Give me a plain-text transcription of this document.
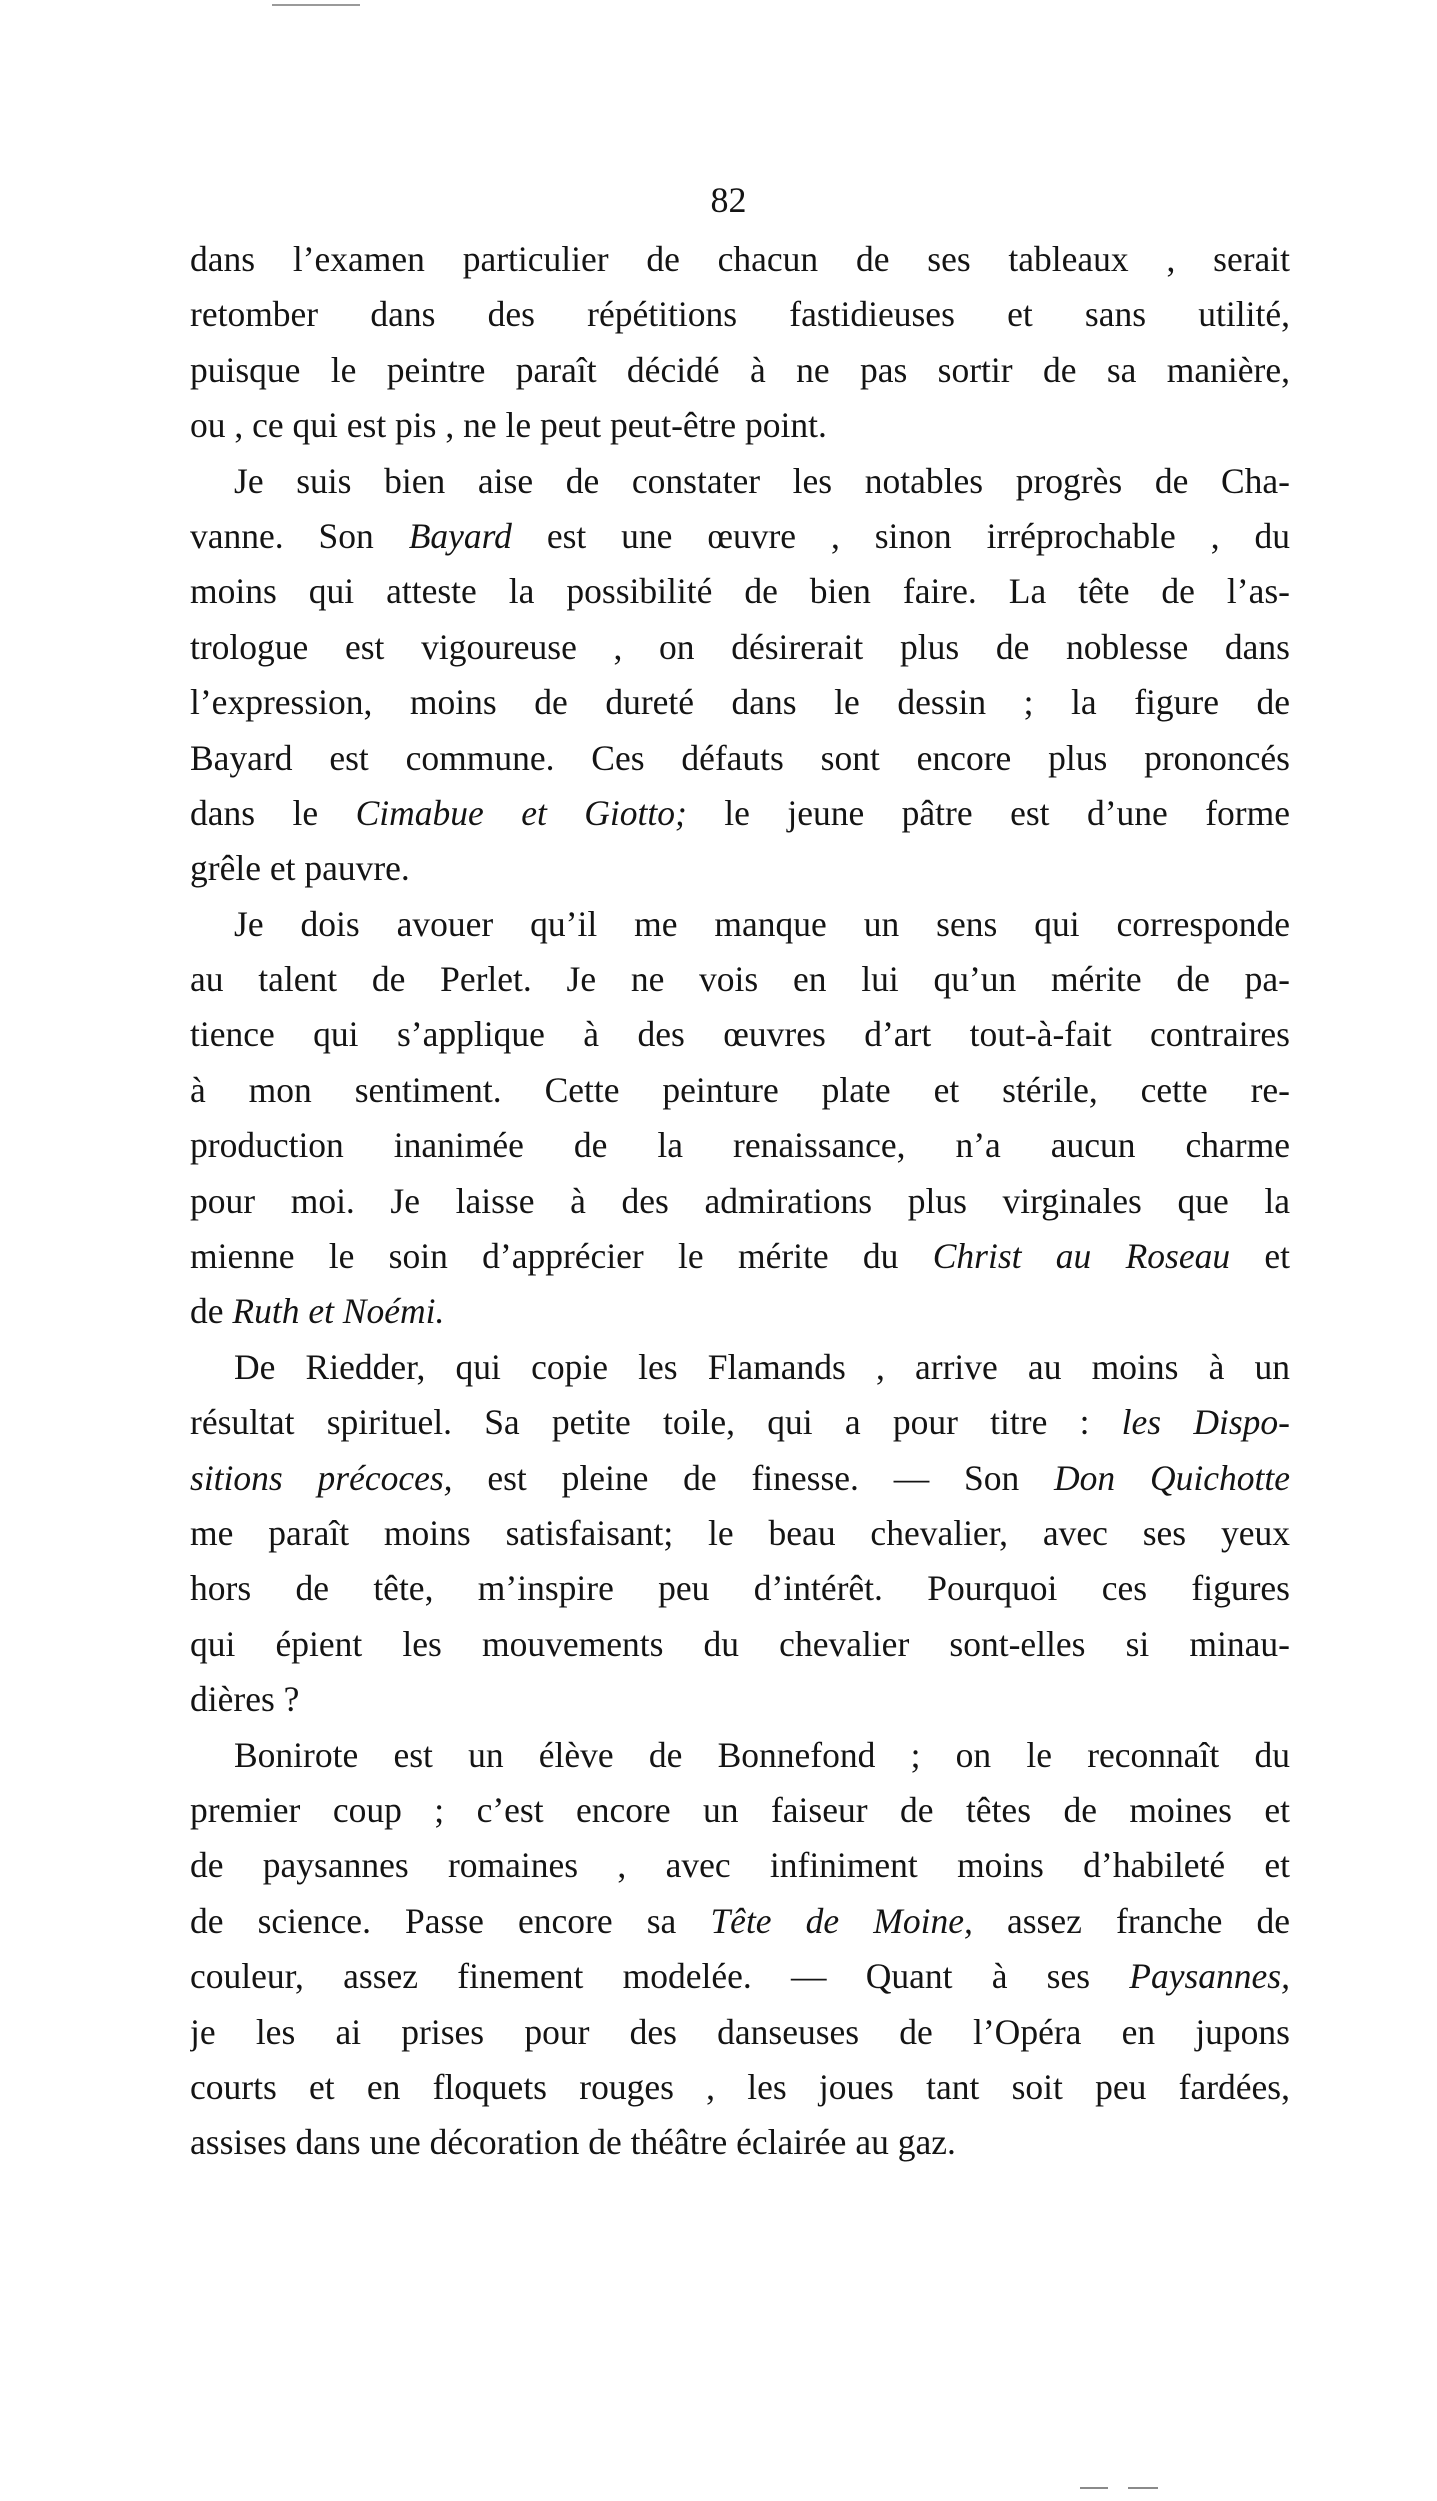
82
dans l’examen particulier de chacun de ses tableaux , serait
retomber dans des répétitions fastidieuses et sans utilité,
puisque le peintre paraît décidé à ne pas sortir de sa manière,
ou , ce qui est pis , ne le peut peut-être point.
Je suis bien aise de constater les notables progrès de Cha-
vanne. Son Bayard est une œuvre , sinon irréprochable , du
moins qui atteste la possibilité de bien faire. La tête de l’as-
trologue est vigoureuse , on désirerait plus de noblesse dans
l’expression, moins de dureté dans le dessin ; la figure de
Bayard est commune. Ces défauts sont encore plus prononcés
dans le Cimabue et Giotto; le jeune pâtre est d’une forme
grêle et pauvre.
Je dois avouer qu’il me manque un sens qui corresponde
au talent de Perlet. Je ne vois en lui qu’un mérite de pa-
tience qui s’applique à des œuvres d’art tout-à-fait contraires
à mon sentiment. Cette peinture plate et stérile, cette re-
production inanimée de la renaissance, n’a aucun charme
pour moi. Je laisse à des admirations plus virginales que la
mienne le soin d’apprécier le mérite du Christ au Roseau et
de Ruth et Noémi.
De Riedder, qui copie les Flamands , arrive au moins à un
résultat spirituel. Sa petite toile, qui a pour titre : les Dispo-
sitions précoces, est pleine de finesse. — Son Don Quichotte
me paraît moins satisfaisant; le beau chevalier, avec ses yeux
hors de tête, m’inspire peu d’intérêt. Pourquoi ces figures
qui épient les mouvements du chevalier sont-elles si minau-
dières ?
Bonirote est un élève de Bonnefond ; on le reconnaît du
premier coup ; c’est encore un faiseur de têtes de moines et
de paysannes romaines , avec infiniment moins d’habileté et
de science. Passe encore sa Tête de Moine, assez franche de
couleur, assez finement modelée. — Quant à ses Paysannes,
je les ai prises pour des danseuses de l’Opéra en jupons
courts et en floquets rouges , les joues tant soit peu fardées,
assises dans une décoration de théâtre éclairée au gaz.
